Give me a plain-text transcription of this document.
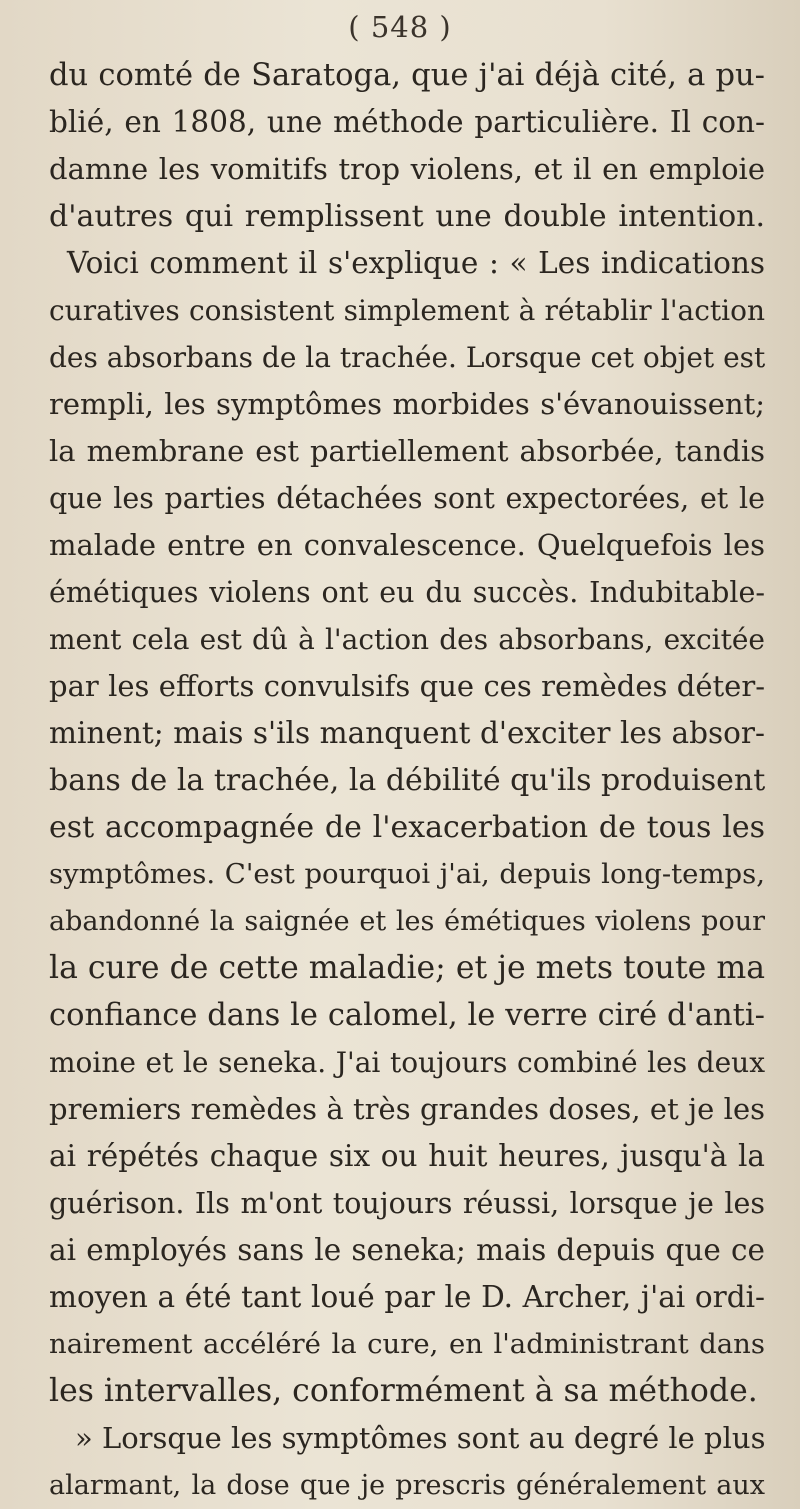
( 548 )
du comté de Saratoga, que j'ai déjà cité, a pu-
blié, en 1808, une méthode particulière. Il con-
damne les vomitifs trop violens, et il en emploie
d'autres qui remplissent une double intention.
Voici comment il s'explique : « Les indications
curatives consistent simplement à rétablir l'action
des absorbans de la trachée. Lorsque cet objet est
rempli, les symptômes morbides s'évanouissent;
la membrane est partiellement absorbée, tandis
que les parties détachées sont expectorées, et le
malade entre en convalescence. Quelquefois les
émétiques violens ont eu du succès. Indubitable-
ment cela est dû à l'action des absorbans, excitée
par les efforts convulsifs que ces remèdes déter-
minent; mais s'ils manquent d'exciter les absor-
bans de la trachée, la débilité qu'ils produisent
est accompagnée de l'exacerbation de tous les
symptômes. C'est pourquoi j'ai, depuis long-temps,
abandonné la saignée et les émétiques violens pour
la cure de cette maladie; et je mets toute ma
confiance dans le calomel, le verre ciré d'anti-
moine et le seneka. J'ai toujours combiné les deux
premiers remèdes à très grandes doses, et je les
ai répétés chaque six ou huit heures, jusqu'à la
guérison. Ils m'ont toujours réussi, lorsque je les
ai employés sans le seneka; mais depuis que ce
moyen a été tant loué par le D. Archer, j'ai ordi-
nairement accéléré la cure, en l'administrant dans
les intervalles, conformément à sa méthode.
» Lorsque les symptômes sont au degré le plus
alarmant, la dose que je prescris généralement aux
